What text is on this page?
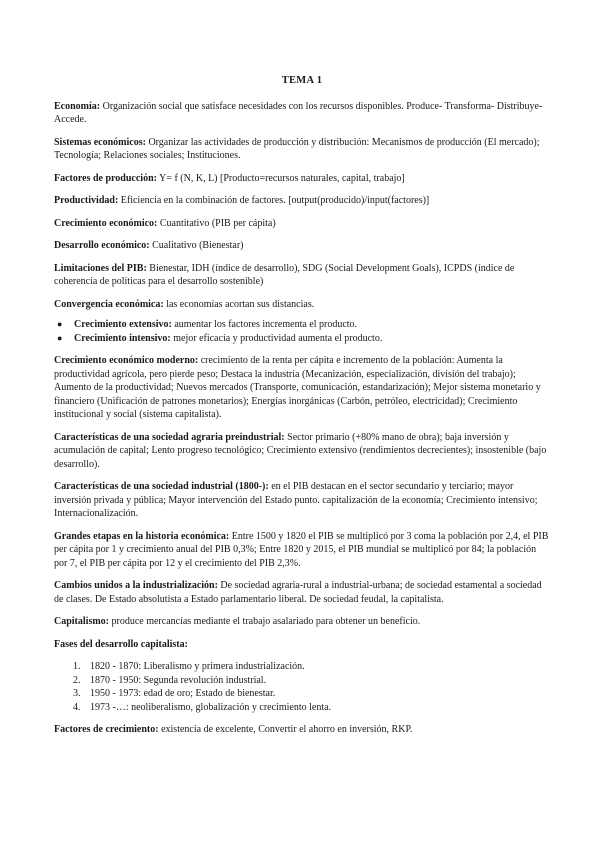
TEMA 1

Economía: Organización social que satisface necesidades con los recursos disponibles. Produce- Transforma- Distribuye-Accede.

Sistemas económicos: Organizar las actividades de producción y distribución: Mecanismos de producción (El mercado); Tecnología; Relaciones sociales; Instituciones.

Factores de producción: Y= f (N, K, L) [Producto=recursos naturales, capital, trabajo]

Productividad: Eficiencia en la combinación de factores. [output(producido)/input(factores)]

Crecimiento económico: Cuantitativo (PIB per cápita)

Desarrollo económico: Cualitativo (Bienestar)

Limitaciones del PIB: Bienestar, IDH (índice de desarrollo), SDG (Social Development Goals), ICPDS (índice de coherencia de políticas para el desarrollo sostenible)

Convergencia económica: las economías acortan sus distancias.

● Crecimiento extensivo: aumentar los factores incrementa el producto.
● Crecimiento intensivo: mejor eficacia y productividad aumenta el producto.

Crecimiento económico moderno: crecimiento de la renta per cápita e incremento de la población: Aumenta la productividad agrícola, pero pierde peso; Destaca la industria (Mecanización, especialización, división del trabajo); Aumento de la productividad; Nuevos mercados (Transporte, comunicación, estandarización); Mejor sistema monetario y financiero (Unificación de patrones monetarios); Energías inorgánicas (Carbón, petróleo, electricidad); Crecimiento institucional y social (sistema capitalista).

Características de una sociedad agraria preindustrial: Sector primario (+80% mano de obra); baja inversión y acumulación de capital; Lento progreso tecnológico; Crecimiento extensivo (rendimientos decrecientes); insostenible (bajo desarrollo).

Características de una sociedad industrial (1800-): en el PIB destacan en el sector secundario y terciario; mayor inversión privada y pública; Mayor intervención del Estado punto. capitalización de la economía; Crecimiento intensivo; Internacionalización.

Grandes etapas en la historia económica: Entre 1500 y 1820 el PIB se multiplicó por 3 coma la población por 2,4, el PIB per cápita por 1 y crecimiento anual del PIB 0,3%; Entre 1820 y 2015, el PIB mundial se multiplicó por 84; la población por 7, el PIB per cápita por 12 y el crecimiento del PIB 2,3%.

Cambios unidos a la industrialización: De sociedad agraria-rural a industrial-urbana; de sociedad estamental a sociedad de clases. De Estado absolutista a Estado parlamentario liberal. De sociedad feudal, la capitalista.

Capitalismo: produce mercancías mediante el trabajo asalariado para obtener un beneficio.

Fases del desarrollo capitalista:

1. 1820 - 1870: Liberalismo y primera industrialización.
2. 1870 - 1950: Segunda revolución industrial.
3. 1950 - 1973: edad de oro; Estado de bienestar.
4. 1973 -…: neoliberalismo, globalización y crecimiento lenta.

Factores de crecimiento: existencia de excelente, Convertir el ahorro en inversión, RKP.
